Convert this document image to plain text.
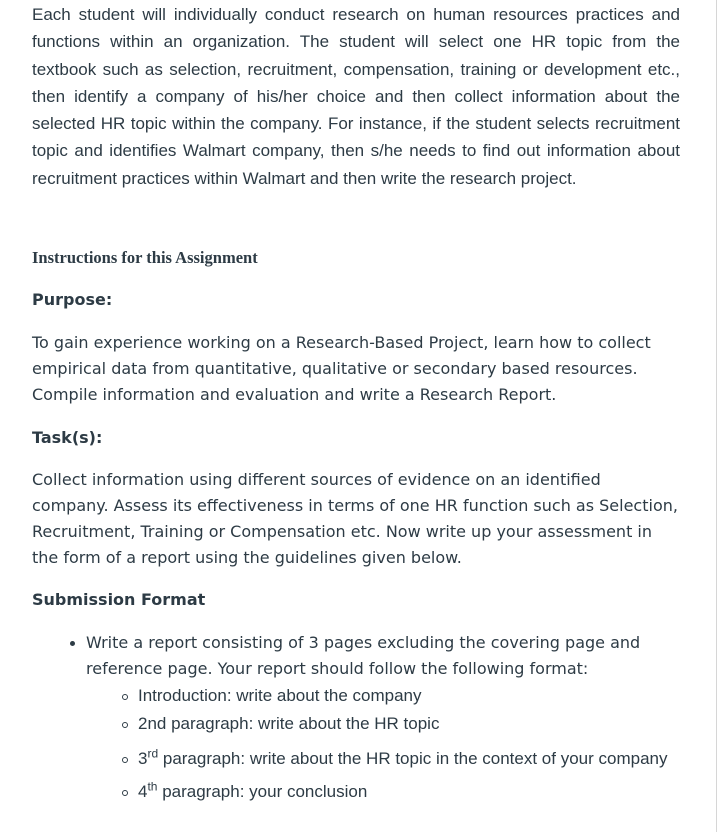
Each student will individually conduct research on human resources practices and functions within an organization. The student will select one HR topic from the textbook such as selection, recruitment, compensation, training or development etc., then identify a company of his/her choice and then collect information about the selected HR topic within the company. For instance, if the student selects recruitment topic and identifies Walmart company, then s/he needs to find out information about recruitment practices within Walmart and then write the research project.

Instructions for this Assignment
Purpose:

To gain experience working on a Research-Based Project, learn how to collect empirical data from quantitative, qualitative or secondary based resources. Compile information and evaluation and write a Research Report.

Task(s):

Collect information using different sources of evidence on an identified company. Assess its effectiveness in terms of one HR function such as Selection, Recruitment, Training or Compensation etc. Now write up your assessment in the form of a report using the guidelines given below.

Submission Format
Write a report consisting of 3 pages excluding the covering page and reference page. Your report should follow the following format:
Introduction: write about the company
2nd paragraph: write about the HR topic
3rd paragraph: write about the HR topic in the context of your company
4th paragraph: your conclusion
